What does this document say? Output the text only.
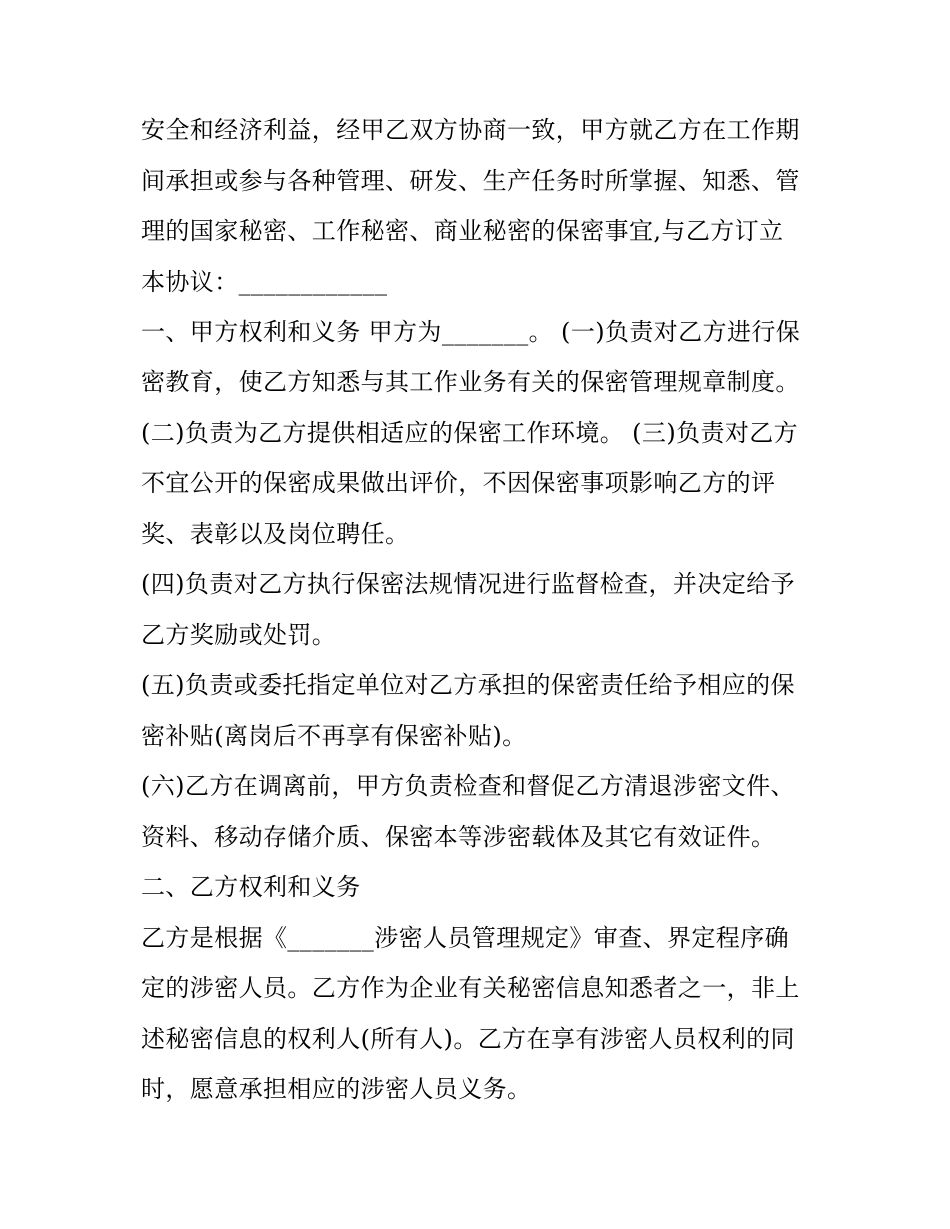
安全和经济利益，经甲乙双方协商一致，甲方就乙方在工作期
间承担或参与各种管理、研发、生产任务时所掌握、知悉、管
理的国家秘密、工作秘密、商业秘密的保密事宜,与乙方订立
本协议：____________
一、甲方权利和义务 甲方为_______。 (一)负责对乙方进行保
密教育，使乙方知悉与其工作业务有关的保密管理规章制度。
(二)负责为乙方提供相适应的保密工作环境。 (三)负责对乙方
不宜公开的保密成果做出评价，不因保密事项影响乙方的评
奖、表彰以及岗位聘任。
(四)负责对乙方执行保密法规情况进行监督检查，并决定给予
乙方奖励或处罚。
(五)负责或委托指定单位对乙方承担的保密责任给予相应的保
密补贴(离岗后不再享有保密补贴)。
(六)乙方在调离前，甲方负责检查和督促乙方清退涉密文件、
资料、移动存储介质、保密本等涉密载体及其它有效证件。
二、乙方权利和义务
乙方是根据《_______涉密人员管理规定》审查、界定程序确
定的涉密人员。乙方作为企业有关秘密信息知悉者之一，非上
述秘密信息的权利人(所有人)。乙方在享有涉密人员权利的同
时，愿意承担相应的涉密人员义务。
